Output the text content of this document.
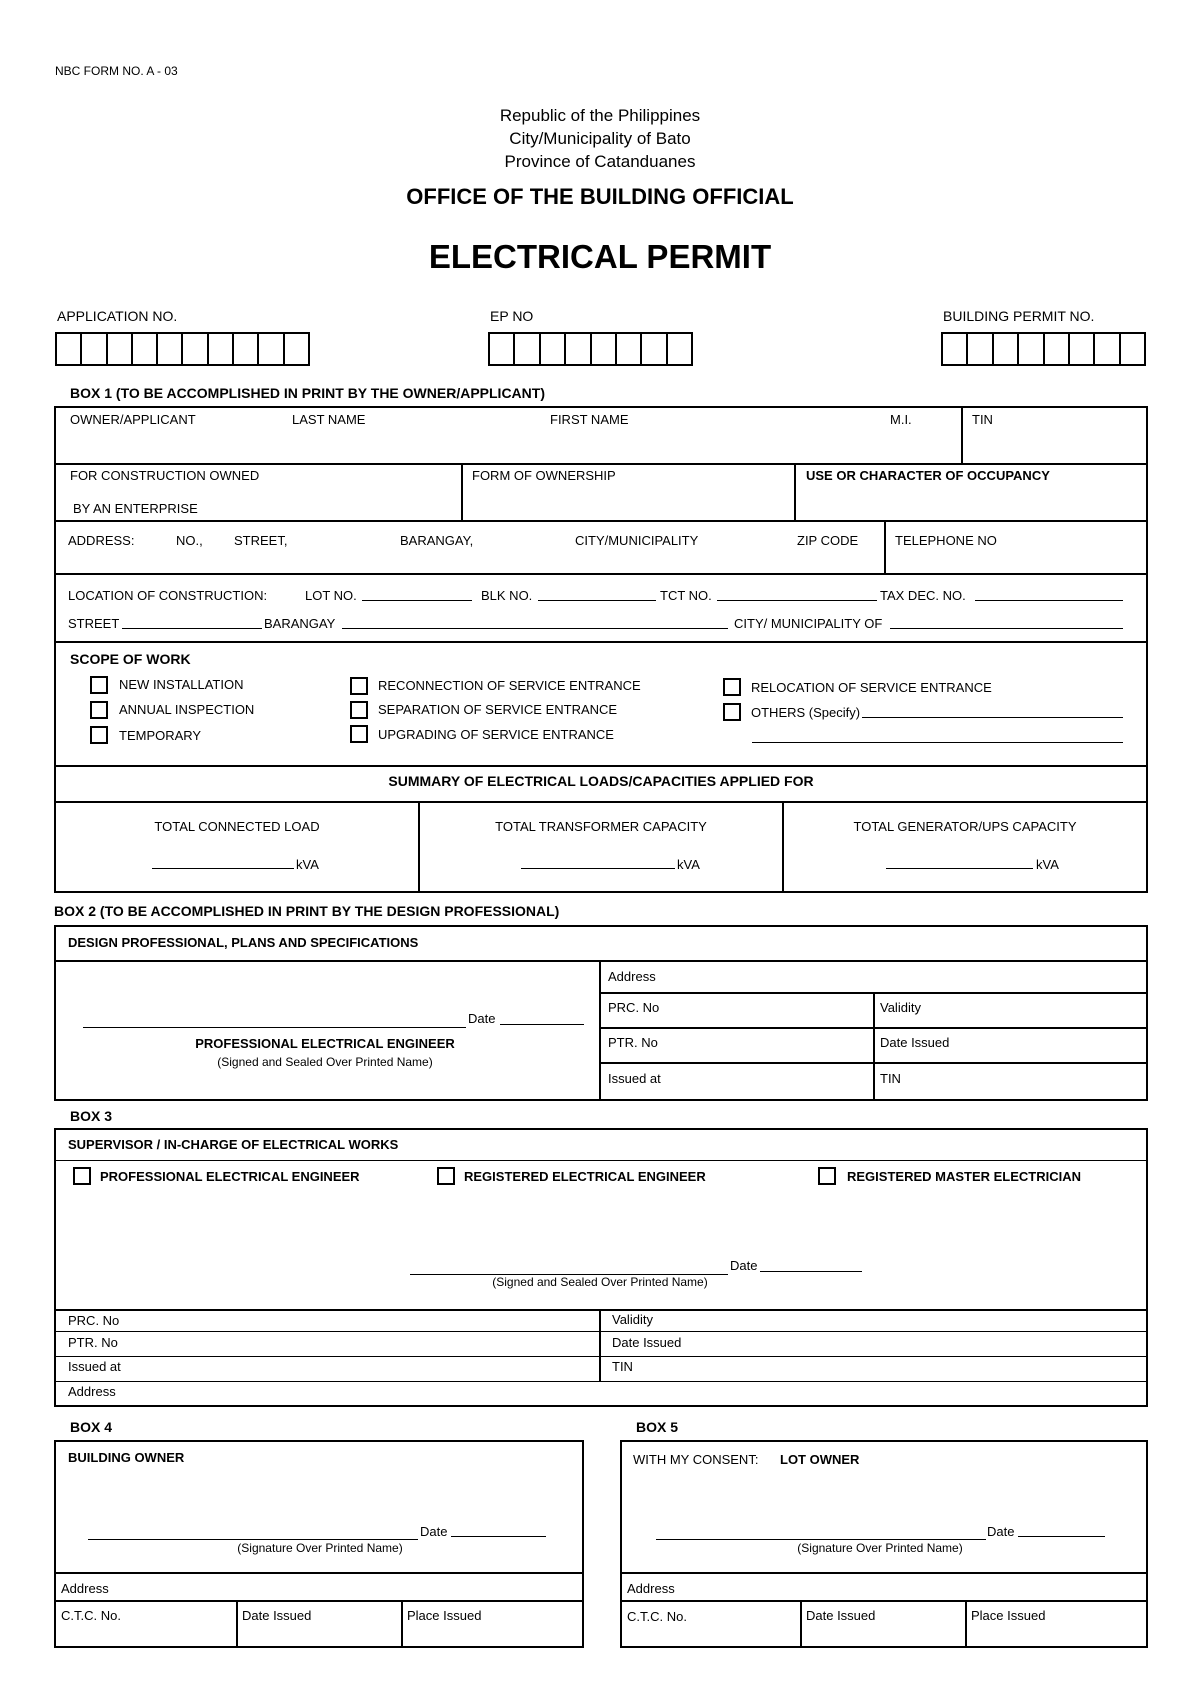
NBC FORM NO. A - 03
Republic of the Philippines
City/Municipality of Bato
Province of Catanduanes
OFFICE OF THE BUILDING OFFICIAL
ELECTRICAL PERMIT
APPLICATION NO.	EP NO	BUILDING PERMIT NO.
BOX 1 (TO BE ACCOMPLISHED IN PRINT BY THE OWNER/APPLICANT)
OWNER/APPLICANT	LAST NAME	FIRST NAME	M.I.	TIN
FOR CONSTRUCTION OWNED
BY AN ENTERPRISE
FORM OF OWNERSHIP	USE OR CHARACTER OF OCCUPANCY
ADDRESS:	NO., STREET,	BARANGAY,	CITY/MUNICIPALITY	ZIP CODE	TELEPHONE NO
LOCATION OF CONSTRUCTION:	LOT NO.	BLK NO.	TCT NO.	TAX DEC. NO.
STREET	BARANGAY	CITY/ MUNICIPALITY OF
SCOPE OF WORK
NEW INSTALLATION
ANNUAL INSPECTION
TEMPORARY
RECONNECTION OF SERVICE ENTRANCE
SEPARATION OF SERVICE ENTRANCE
UPGRADING OF SERVICE ENTRANCE
RELOCATION OF SERVICE ENTRANCE
OTHERS (Specify)
SUMMARY OF ELECTRICAL LOADS/CAPACITIES APPLIED FOR
TOTAL CONNECTED LOAD
kVA
TOTAL TRANSFORMER CAPACITY
kVA
TOTAL GENERATOR/UPS CAPACITY
kVA
BOX 2 (TO BE ACCOMPLISHED IN PRINT BY THE DESIGN PROFESSIONAL)
DESIGN PROFESSIONAL, PLANS AND SPECIFICATIONS
Date
PROFESSIONAL ELECTRICAL ENGINEER
(Signed and Sealed Over Printed Name)
Address
PRC. No	Validity
PTR. No	Date Issued
Issued at	TIN
BOX 3
SUPERVISOR / IN-CHARGE OF ELECTRICAL WORKS
PROFESSIONAL ELECTRICAL ENGINEER	REGISTERED ELECTRICAL ENGINEER	REGISTERED MASTER ELECTRICIAN
Date
(Signed and Sealed Over Printed Name)
PRC. No	Validity
PTR. No	Date Issued
Issued at	TIN
Address
BOX 4
BUILDING OWNER
Date
(Signature Over Printed Name)
Address
C.T.C. No.	Date Issued	Place Issued
BOX 5
WITH MY CONSENT: LOT OWNER
Date
(Signature Over Printed Name)
Address
C.T.C. No.	Date Issued	Place Issued
